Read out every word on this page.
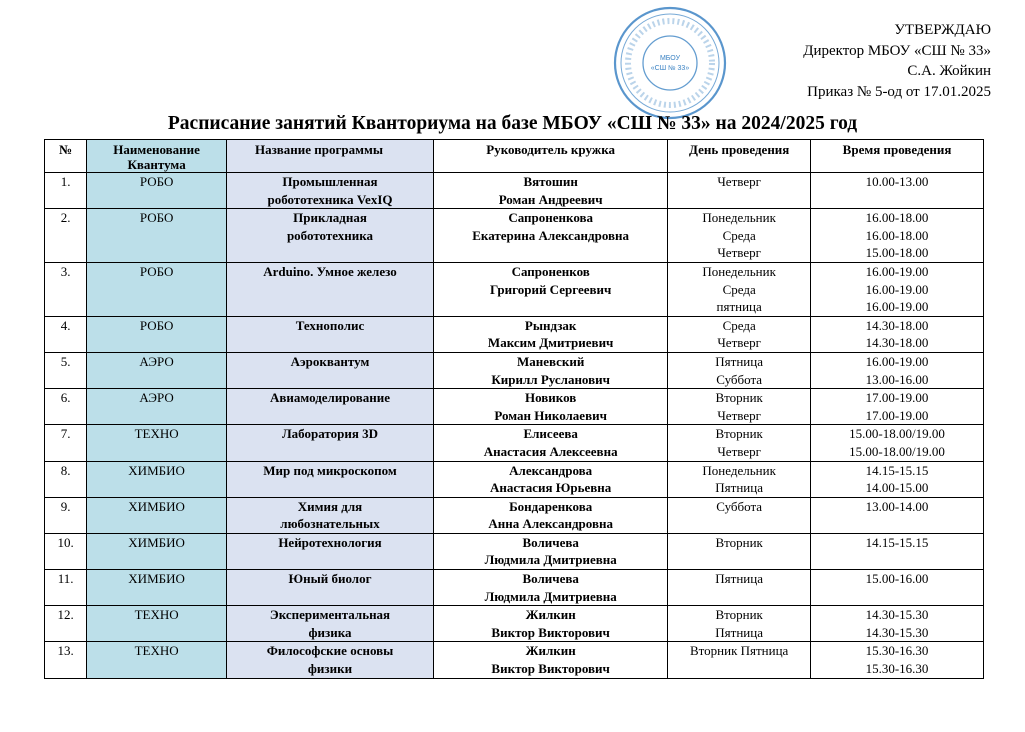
МБОУ
«СШ № 33»
УТВЕРЖДАЮ
Директор МБОУ «СШ № 33»
С.А. Жойкин
Приказ № 5-од от 17.01.2025
Расписание занятий Кванториума на базе МБОУ «СШ № 33» на 2024/2025 год
№	Наименование Квантума	Название программы	Руководитель кружка	День проведения	Время проведения
1.	РОБО	Промышленная
робототехника VexIQ	Вятошин
Роман Андреевич	Четверг	10.00-13.00

2.	РОБО	Прикладная
робототехника	Сапроненкова
Екатерина Александровна	Понедельник
Среда
Четверг	16.00-18.00
16.00-18.00
15.00-18.00

3.	РОБО	Arduino. Умное железо	Сапроненков
Григорий Сергеевич	Понедельник
Среда
пятница	16.00-19.00
16.00-19.00
16.00-19.00

4.	РОБО	Технополис	Рындзак
Максим Дмитриевич	Среда
Четверг	14.30-18.00
14.30-18.00

5.	АЭРО	Аэроквантум	Маневский
Кирилл Русланович	Пятница
Суббота	16.00-19.00
13.00-16.00

6.	АЭРО	Авиамоделирование	Новиков
Роман Николаевич	Вторник
Четверг	17.00-19.00
17.00-19.00

7.	ТЕХНО	Лаборатория 3D	Елисеева
Анастасия Алексеевна	Вторник
Четверг	15.00-18.00/19.00
15.00-18.00/19.00

8.	ХИМБИО	Мир под микроскопом	Александрова
Анастасия Юрьевна	Понедельник
Пятница	14.15-15.15
14.00-15.00

9.	ХИМБИО	Химия для
любознательных	Бондаренкова
Анна Александровна	Суббота	13.00-14.00

10.	ХИМБИО	Нейротехнология	Воличева
Людмила Дмитриевна	Вторник	14.15-15.15

11.	ХИМБИО	Юный биолог	Воличева
Людмила Дмитриевна	Пятница	15.00-16.00

12.	ТЕХНО	Экспериментальная
физика	Жилкин
Виктор Викторович	Вторник
Пятница	14.30-15.30
14.30-15.30

13.	ТЕХНО	Философские основы
физики	Жилкин
Виктор Викторович	Вторник Пятница	15.30-16.30
15.30-16.30
